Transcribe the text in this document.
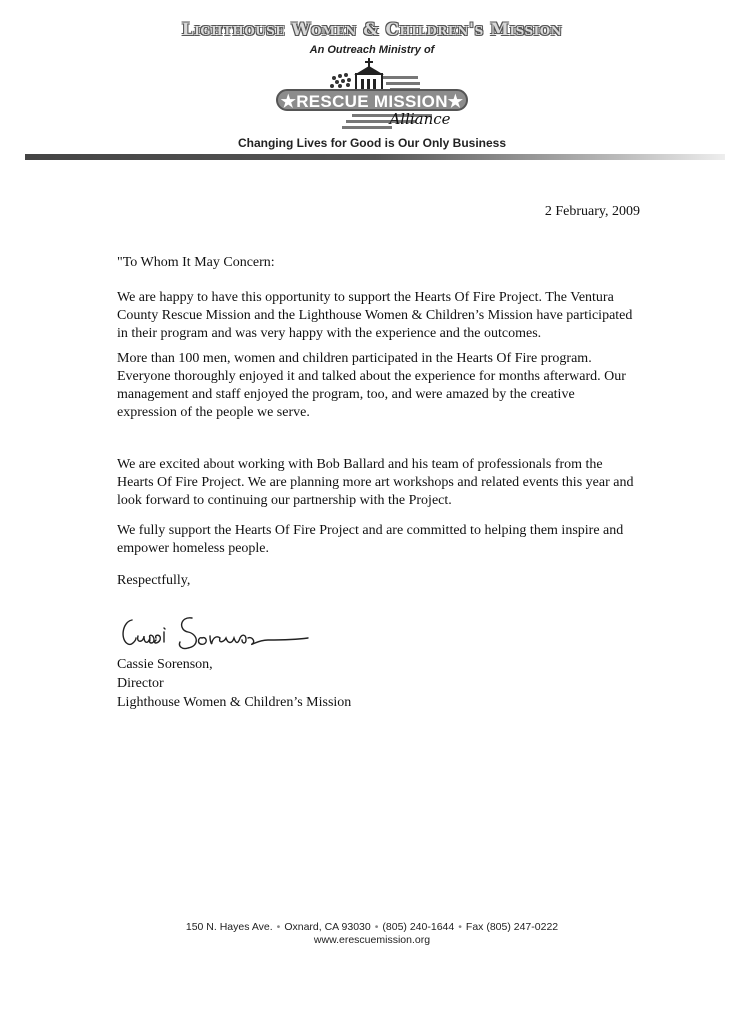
Lighthouse Women & Children's Mission
An Outreach Ministry of
★RESCUE MISSION★
Alliance
Changing Lives for Good is Our Only Business
2 February, 2009
"To Whom It May Concern:

We are happy to have this opportunity to support the Hearts Of Fire Project. The Ventura County Rescue Mission and the Lighthouse Women & Children’s Mission have participated in their program and was very happy with the experience and the outcomes.

More than 100 men, women and children participated in the Hearts Of Fire program. Everyone thoroughly enjoyed it and talked about the experience for months afterward. Our management and staff enjoyed the program, too, and were amazed by the creative expression of the people we serve.

We are excited about working with Bob Ballard and his team of professionals from the Hearts Of Fire Project. We are planning more art workshops and related events this year and look forward to continuing our partnership with the Project.

We fully support the Hearts Of Fire Project and are committed to helping them inspire and empower homeless people.

Respectfully,
Cassie Sorenson,
Director
Lighthouse Women & Children’s Mission
150 N. Hayes Ave. • Oxnard, CA 93030 • (805) 240-1644 • Fax (805) 247-0222
www.erescuemission.org
